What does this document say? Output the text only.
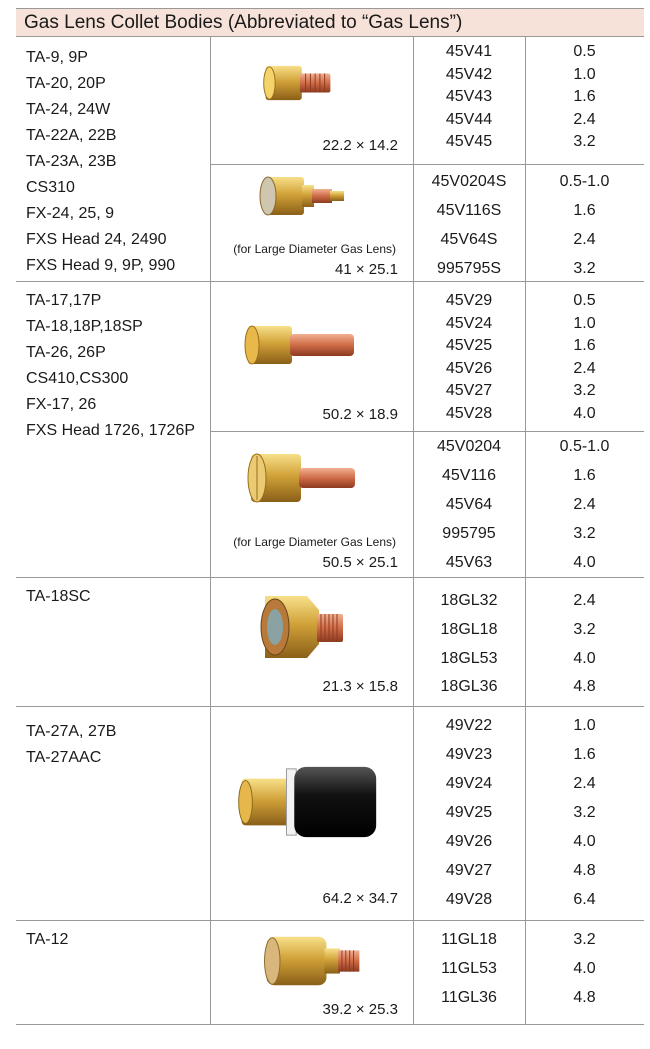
Gas Lens Collet Bodies (Abbreviated to “Gas Lens”)
TA-9, 9P
TA-20, 20P
TA-24, 24W
TA-22A, 22B
TA-23A, 23B
CS310
FX-24, 25, 9
FXS Head 24, 2490
FXS Head 9, 9P, 990
22.2 × 14.2
45V41
45V42
45V43
45V44
45V45
0.5
1.0
1.6
2.4
3.2
(for Large Diameter Gas Lens)
41 × 25.1
45V0204S
45V116S
45V64S
995795S
0.5-1.0
1.6
2.4
3.2
TA-17,17P
TA-18,18P,18SP
TA-26, 26P
CS410,CS300
FX-17, 26
FXS Head 1726, 1726P
50.2 × 18.9
45V29
45V24
45V25
45V26
45V27
45V28
0.5
1.0
1.6
2.4
3.2
4.0
(for Large Diameter Gas Lens)
50.5 × 25.1
45V0204
45V116
45V64
995795
45V63
0.5-1.0
1.6
2.4
3.2
4.0
TA-18SC
21.3 × 15.8
18GL32
18GL18
18GL53
18GL36
2.4
3.2
4.0
4.8
TA-27A, 27B
TA-27AAC
64.2 × 34.7
49V22
49V23
49V24
49V25
49V26
49V27
49V28
1.0
1.6
2.4
3.2
4.0
4.8
6.4
TA-12
39.2 × 25.3
11GL18
11GL53
11GL36
3.2
4.0
4.8
